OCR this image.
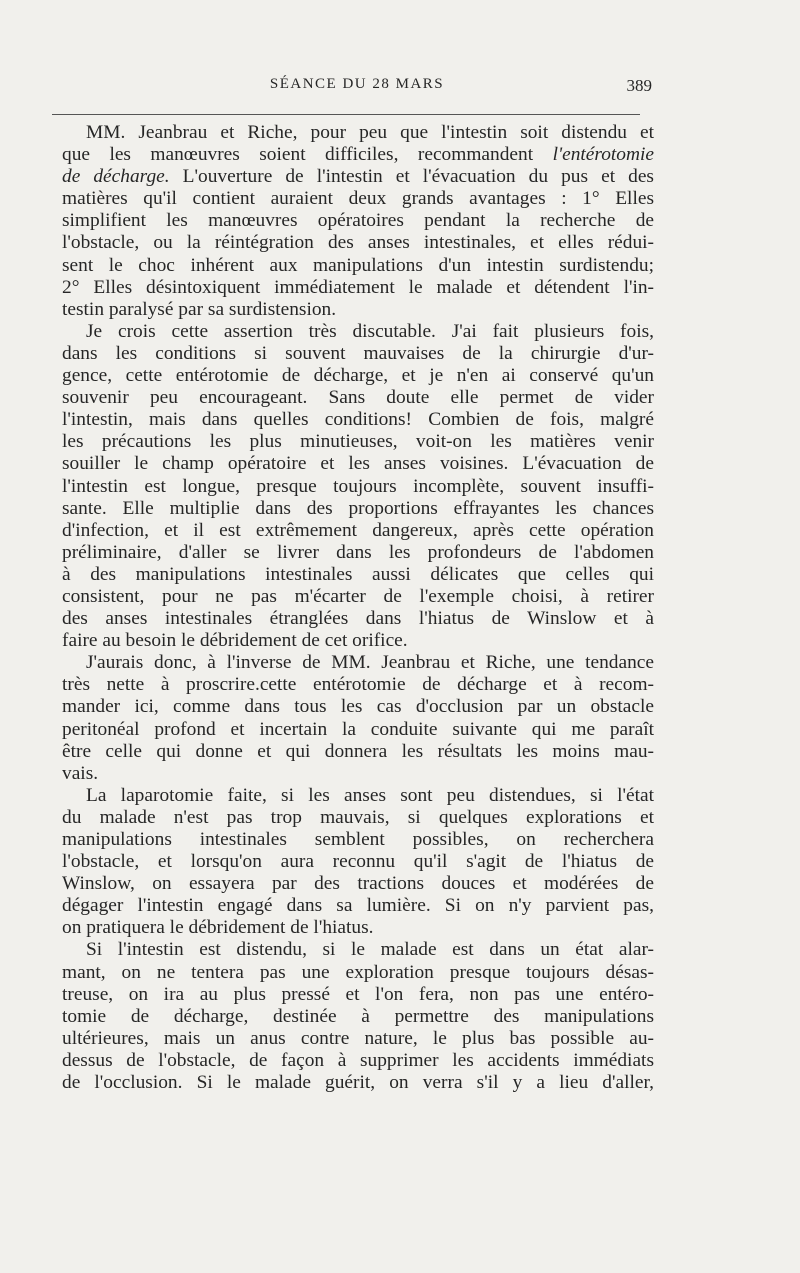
SÉANCE DU 28 MARS	389
MM. Jeanbrau et Riche, pour peu que l'intestin soit distendu et
que les manœuvres soient difficiles, recommandent l'entérotomie
de décharge. L'ouverture de l'intestin et l'évacuation du pus et des
matières qu'il contient auraient deux grands avantages : 1° Elles
simplifient les manœuvres opératoires pendant la recherche de
l'obstacle, ou la réintégration des anses intestinales, et elles rédui-
sent le choc inhérent aux manipulations d'un intestin surdistendu;
2° Elles désintoxiquent immédiatement le malade et détendent l'in-
testin paralysé par sa surdistension.
Je crois cette assertion très discutable. J'ai fait plusieurs fois,
dans les conditions si souvent mauvaises de la chirurgie d'ur-
gence, cette entérotomie de décharge, et je n'en ai conservé qu'un
souvenir peu encourageant. Sans doute elle permet de vider
l'intestin, mais dans quelles conditions! Combien de fois, malgré
les précautions les plus minutieuses, voit-on les matières venir
souiller le champ opératoire et les anses voisines. L'évacuation de
l'intestin est longue, presque toujours incomplète, souvent insuffi-
sante. Elle multiplie dans des proportions effrayantes les chances
d'infection, et il est extrêmement dangereux, après cette opération
préliminaire, d'aller se livrer dans les profondeurs de l'abdomen
à des manipulations intestinales aussi délicates que celles qui
consistent, pour ne pas m'écarter de l'exemple choisi, à retirer
des anses intestinales étranglées dans l'hiatus de Winslow et à
faire au besoin le débridement de cet orifice.
J'aurais donc, à l'inverse de MM. Jeanbrau et Riche, une tendance
très nette à proscrire.cette entérotomie de décharge et à recom-
mander ici, comme dans tous les cas d'occlusion par un obstacle
peritonéal profond et incertain la conduite suivante qui me paraît
être celle qui donne et qui donnera les résultats les moins mau-
vais.
La laparotomie faite, si les anses sont peu distendues, si l'état
du malade n'est pas trop mauvais, si quelques explorations et
manipulations intestinales semblent possibles, on recherchera
l'obstacle, et lorsqu'on aura reconnu qu'il s'agit de l'hiatus de
Winslow, on essayera par des tractions douces et modérées de
dégager l'intestin engagé dans sa lumière. Si on n'y parvient pas,
on pratiquera le débridement de l'hiatus.
Si l'intestin est distendu, si le malade est dans un état alar-
mant, on ne tentera pas une exploration presque toujours désas-
treuse, on ira au plus pressé et l'on fera, non pas une entéro-
tomie de décharge, destinée à permettre des manipulations
ultérieures, mais un anus contre nature, le plus bas possible au-
dessus de l'obstacle, de façon à supprimer les accidents immédiats
de l'occlusion. Si le malade guérit, on verra s'il y a lieu d'aller,
